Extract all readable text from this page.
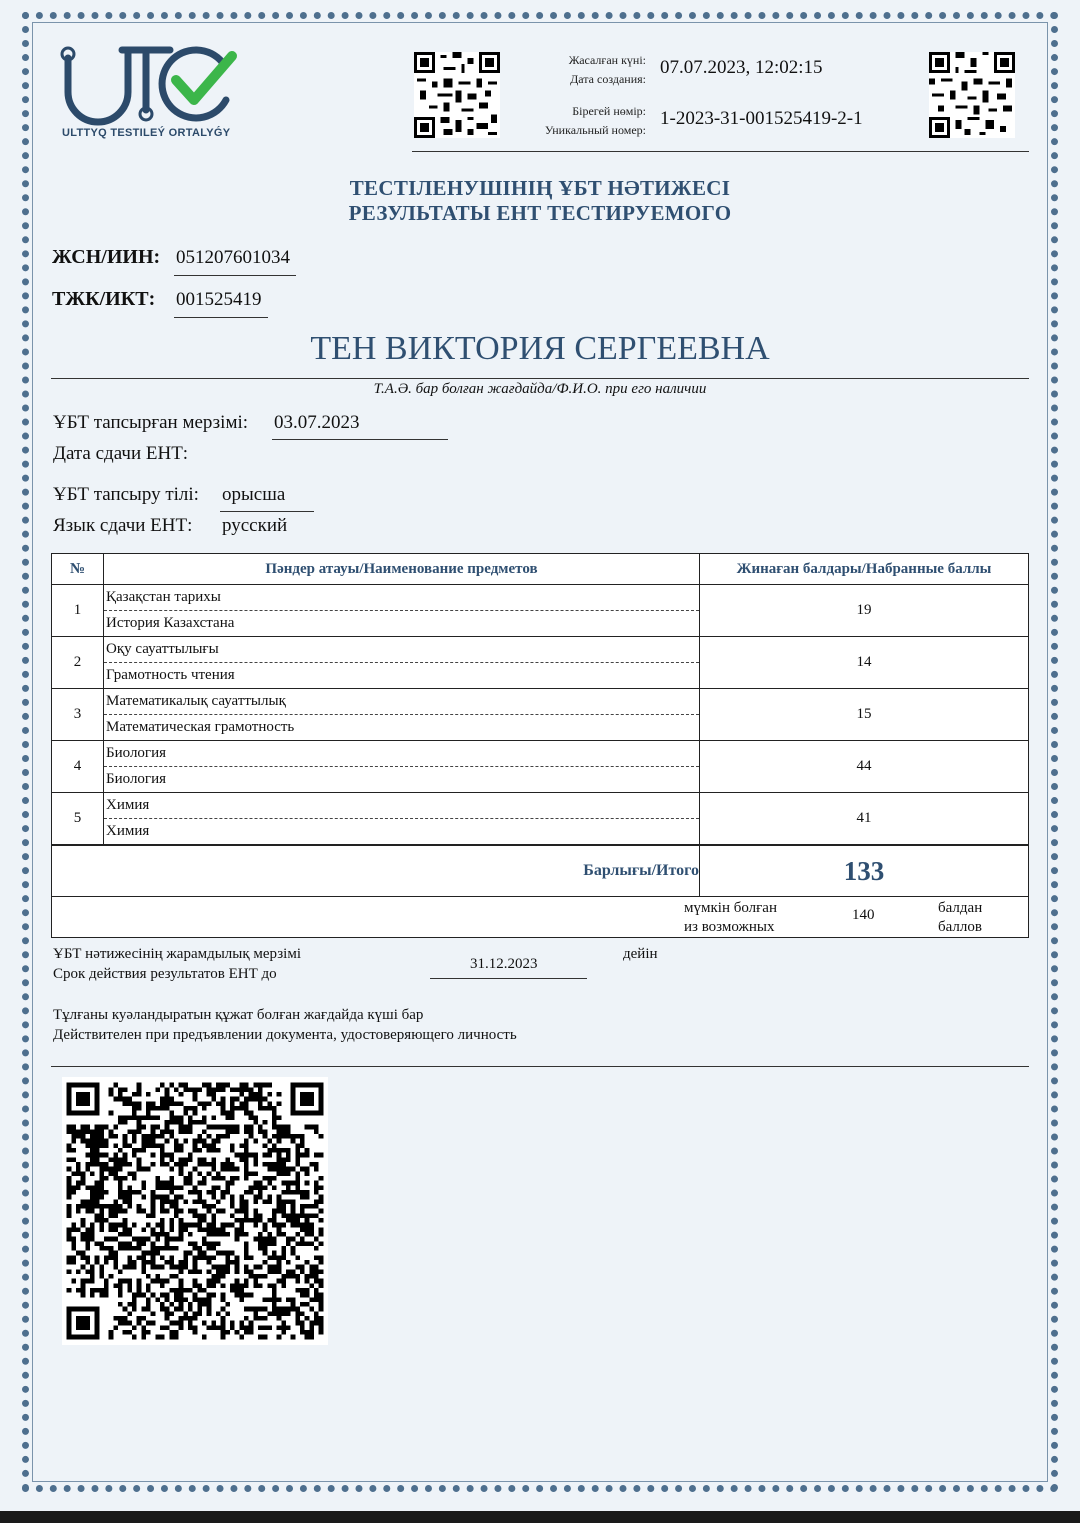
ULTTYQ TESTILEÝ ORTALYǴY
Жасалған күні:
Дата создания:
07.07.2023, 12:02:15
Бірегей нөмір:
Уникальный номер:
1-2023-31-001525419-2-1
ТЕСТІЛЕНУШІНІҢ ҰБТ НӘТИЖЕСІ
РЕЗУЛЬТАТЫ ЕНТ ТЕСТИРУЕМОГО
ЖСН/ИИН: 051207601034
ТЖК/ИКТ: 001525419
ТЕН ВИКТОРИЯ СЕРГЕЕВНА
Т.А.Ә. бар болған жағдайда/Ф.И.О. при его наличии
ҰБТ тапсырған мерзімі: 03.07.2023
Дата сдачи ЕНТ:
ҰБТ тапсыру тілі: орысша
Язык сдачи ЕНТ: русский
№	Пәндер атауы/Наименование предметов	Жинаған балдары/Набранные баллы
1	Қазақстан тарихы
История Казахстана	19
2	Оқу сауаттылығы
Грамотность чтения	14
3	Математикалық сауаттылық
Математическая грамотность	15
4	Биология
Биология	44
5	Химия
Химия	41
Барлығы/Итого		133

мүмкін болған
из возможных
140 балдан
баллов		
ҰБТ нәтижесінің жарамдылық мерзімі
Срок действия результатов ЕНТ до
31.12.2023
дейін
Тұлғаны куәландыратын құжат болған жағдайда күші бар
Действителен при предъявлении документа, удостоверяющего личность
